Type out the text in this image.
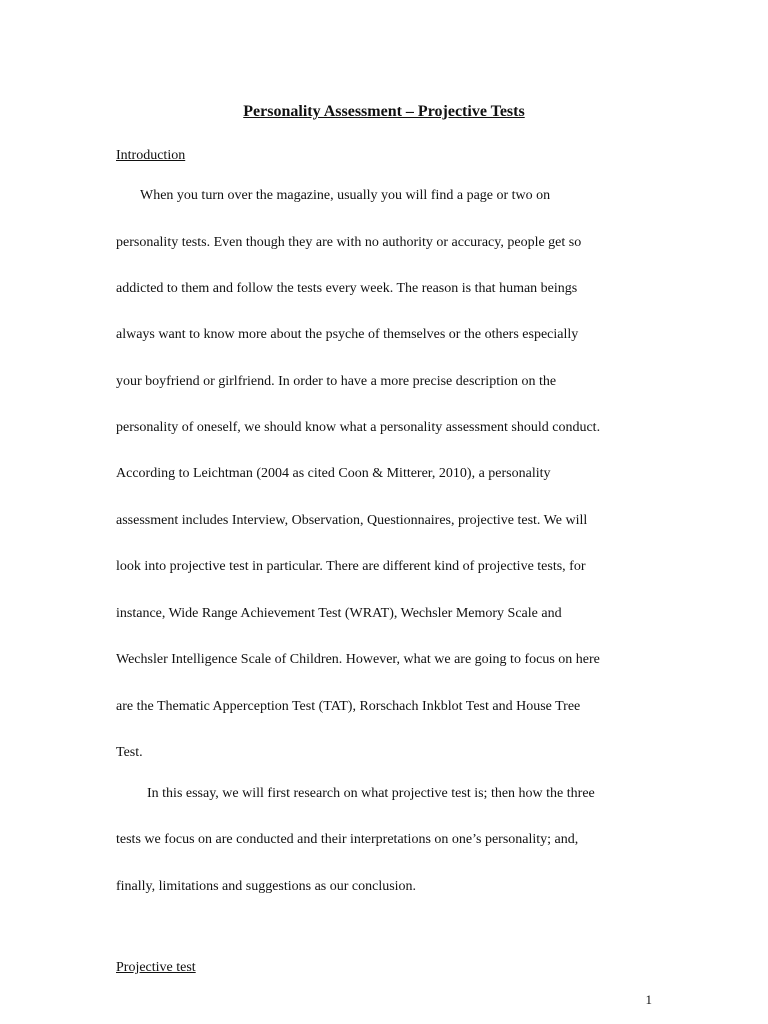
Personality Assessment – Projective Tests
Introduction
When you turn over the magazine, usually you will find a page or two on
personality tests. Even though they are with no authority or accuracy, people get so
addicted to them and follow the tests every week. The reason is that human beings
always want to know more about the psyche of themselves or the others especially
your boyfriend or girlfriend. In order to have a more precise description on the
personality of oneself, we should know what a personality assessment should conduct.
According to Leichtman (2004 as cited Coon & Mitterer, 2010), a personality
assessment includes Interview, Observation, Questionnaires, projective test. We will
look into projective test in particular. There are different kind of projective tests, for
instance, Wide Range Achievement Test (WRAT), Wechsler Memory Scale and
Wechsler Intelligence Scale of Children. However, what we are going to focus on here
are the Thematic Apperception Test (TAT), Rorschach Inkblot Test and House Tree
Test.
In this essay, we will first research on what projective test is; then how the three
tests we focus on are conducted and their interpretations on one’s personality; and,
finally, limitations and suggestions as our conclusion.
Projective test
1
